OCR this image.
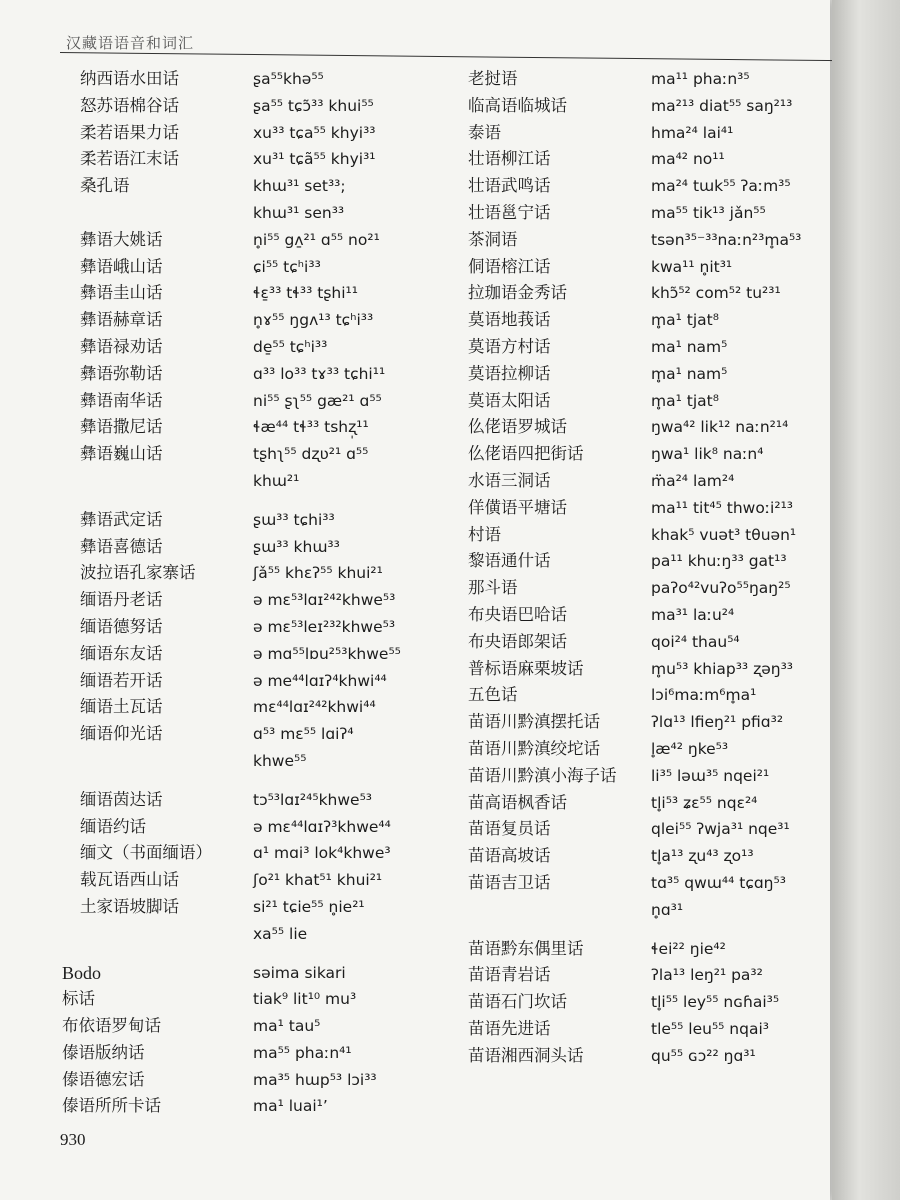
汉藏语语音和词汇
纳西语水田话	ʂa⁵⁵khə⁵⁵
怒苏语棉谷话	ʂa⁵⁵ tɕɔ̃³³ khui⁵⁵
柔若语果力话	xu³³ tɕa⁵⁵ khyi³³
柔若语江末话	xu³¹ tɕã⁵⁵ khyi³¹
桑孔语	khɯ³¹ set³³;
khɯ³¹ sen³³
彝语大姚话	n̥i⁵⁵ gʌ̱²¹ ɑ⁵⁵ no²¹
彝语峨山话	ɕi⁵⁵ tɕʰi³³
彝语圭山话	ɬɛ̱³³ tɬ³³ tʂhi¹¹
彝语赫章话	n̥ɤ⁵⁵ ŋgʌ¹³ tɕʰi³³
彝语禄劝话	de̱⁵⁵ tɕʰi³³
彝语弥勒话	ɑ³³ lo³³ tɤ³³ tɕhi¹¹
彝语南华话	ni⁵⁵ ʂʅ⁵⁵ gæ²¹ ɑ⁵⁵
彝语撒尼话	ɬæ⁴⁴ tɬ³³ tshʐ̩¹¹
彝语巍山话	tʂhʅ⁵⁵ dʐʋ²¹ ɑ⁵⁵
khɯ²¹
彝语武定话	ʂɯ³³ tɕhi³³
彝语喜德话	ʂɯ³³ khɯ³³
波拉语孔家寨话	ʃǎ⁵⁵ khɛʔ⁵⁵ khui²¹
缅语丹老话	ə mɛ⁵³lɑɪ²⁴²khwe⁵³
缅语德努话	ə mɛ⁵³leɪ²³²khwe⁵³
缅语东友话	ə mɑ⁵⁵lɒu²⁵³khwe⁵⁵
缅语若开话	ə me⁴⁴lɑɪʔ⁴khwi⁴⁴
缅语土瓦话	mɛ⁴⁴lɑɪ²⁴²khwi⁴⁴
缅语仰光话	ɑ⁵³ mɛ⁵⁵ lɑiʔ⁴
khwe⁵⁵
缅语茵达话	tɔ⁵³lɑɪ²⁴⁵khwe⁵³
缅语约话	ə mɛ⁴⁴lɑɪʔ³khwe⁴⁴
缅文（书面缅语）	ɑ¹ mɑi³ lok⁴khwe³
载瓦语西山话	ʃo²¹ khat⁵¹ khui²¹
土家语坡脚话	si²¹ tɕie⁵⁵ n̥ie²¹
xa⁵⁵ lie
Bodo	səima sikari
标话	tiak⁹ lit¹⁰ mu³
布依语罗甸话	ma¹ tau⁵
傣语版纳话	ma⁵⁵ phaːn⁴¹
傣语德宏话	ma³⁵ hɯp⁵³ lɔi³³
傣语所所卡话	ma¹ luai¹ʼ
老挝语	ma¹¹ phaːn³⁵
临高语临城话	ma²¹³ diat⁵⁵ saŋ²¹³
泰语	hma²⁴ lai⁴¹
壮语柳江话	ma⁴² no¹¹
壮语武鸣话	ma²⁴ tɯk⁵⁵ ʔaːm³⁵
壮语邕宁话	ma⁵⁵ tik¹³ jǎn⁵⁵
茶洞语	tsən³⁵⁻³³naːn²³m̥a⁵³
侗语榕江话	kwa¹¹ n̥it³¹
拉珈语金秀话	khɔ̃⁵² com⁵² tu²³¹
莫语地莪话	m̥a¹ tjat⁸
莫语方村话	ma¹ nam⁵
莫语拉柳话	m̥a¹ nam⁵
莫语太阳话	m̥a¹ tjat⁸
仫佬语罗城话	ŋwa⁴² lik¹² naːn²¹⁴
仫佬语四把街话	ŋwa¹ lik⁸ naːn⁴
水语三洞话	m̈a²⁴ lam²⁴
佯僙语平塘话	ma¹¹ tit⁴⁵ thwoːi²¹³
村语	khak⁵ vuət³ tθuən¹
黎语通什话	pa¹¹ khuːŋ³³ gat¹³
那斗语	paʔo⁴²vuʔo⁵⁵ŋaŋ²⁵
布央语巴哈话	ma³¹ laːu²⁴
布央语郎架话	qoi²⁴ thau⁵⁴
普标语麻栗坡话	m̥u⁵³ khiap³³ ʐəŋ³³
五色话	lɔi⁶maːm⁶m̥a¹
苗语川黔滇摆托话	ʔlɑ¹³ lfieŋ²¹ pfiɑ³²
苗语川黔滇绞坨话	l̥æ⁴² ŋke⁵³
苗语川黔滇小海子话 li³⁵ ləɯ³⁵ nqei²¹
苗高语枫香话	tl̥i⁵³ ʑɛ⁵⁵ nqɛ²⁴
苗语复员话	qlei⁵⁵ ʔwja³¹ nqe³¹
苗语高坡话	tl̥a¹³ ʐu⁴³ ʐo¹³
苗语吉卫话	tɑ³⁵ qwɯ⁴⁴ tɕɑŋ⁵³
n̥ɑ³¹
苗语黔东偶里话	ɬei²² ŋie⁴²
苗语青岩话	ʔla¹³ leŋ²¹ pa³²
苗语石门坎话	tl̥i⁵⁵ ley⁵⁵ nɢɦai³⁵
苗语先进话	tle⁵⁵ leu⁵⁵ nqai³
苗语湘西洞头话	qu⁵⁵ ɢɔ²² ŋɑ³¹
930
